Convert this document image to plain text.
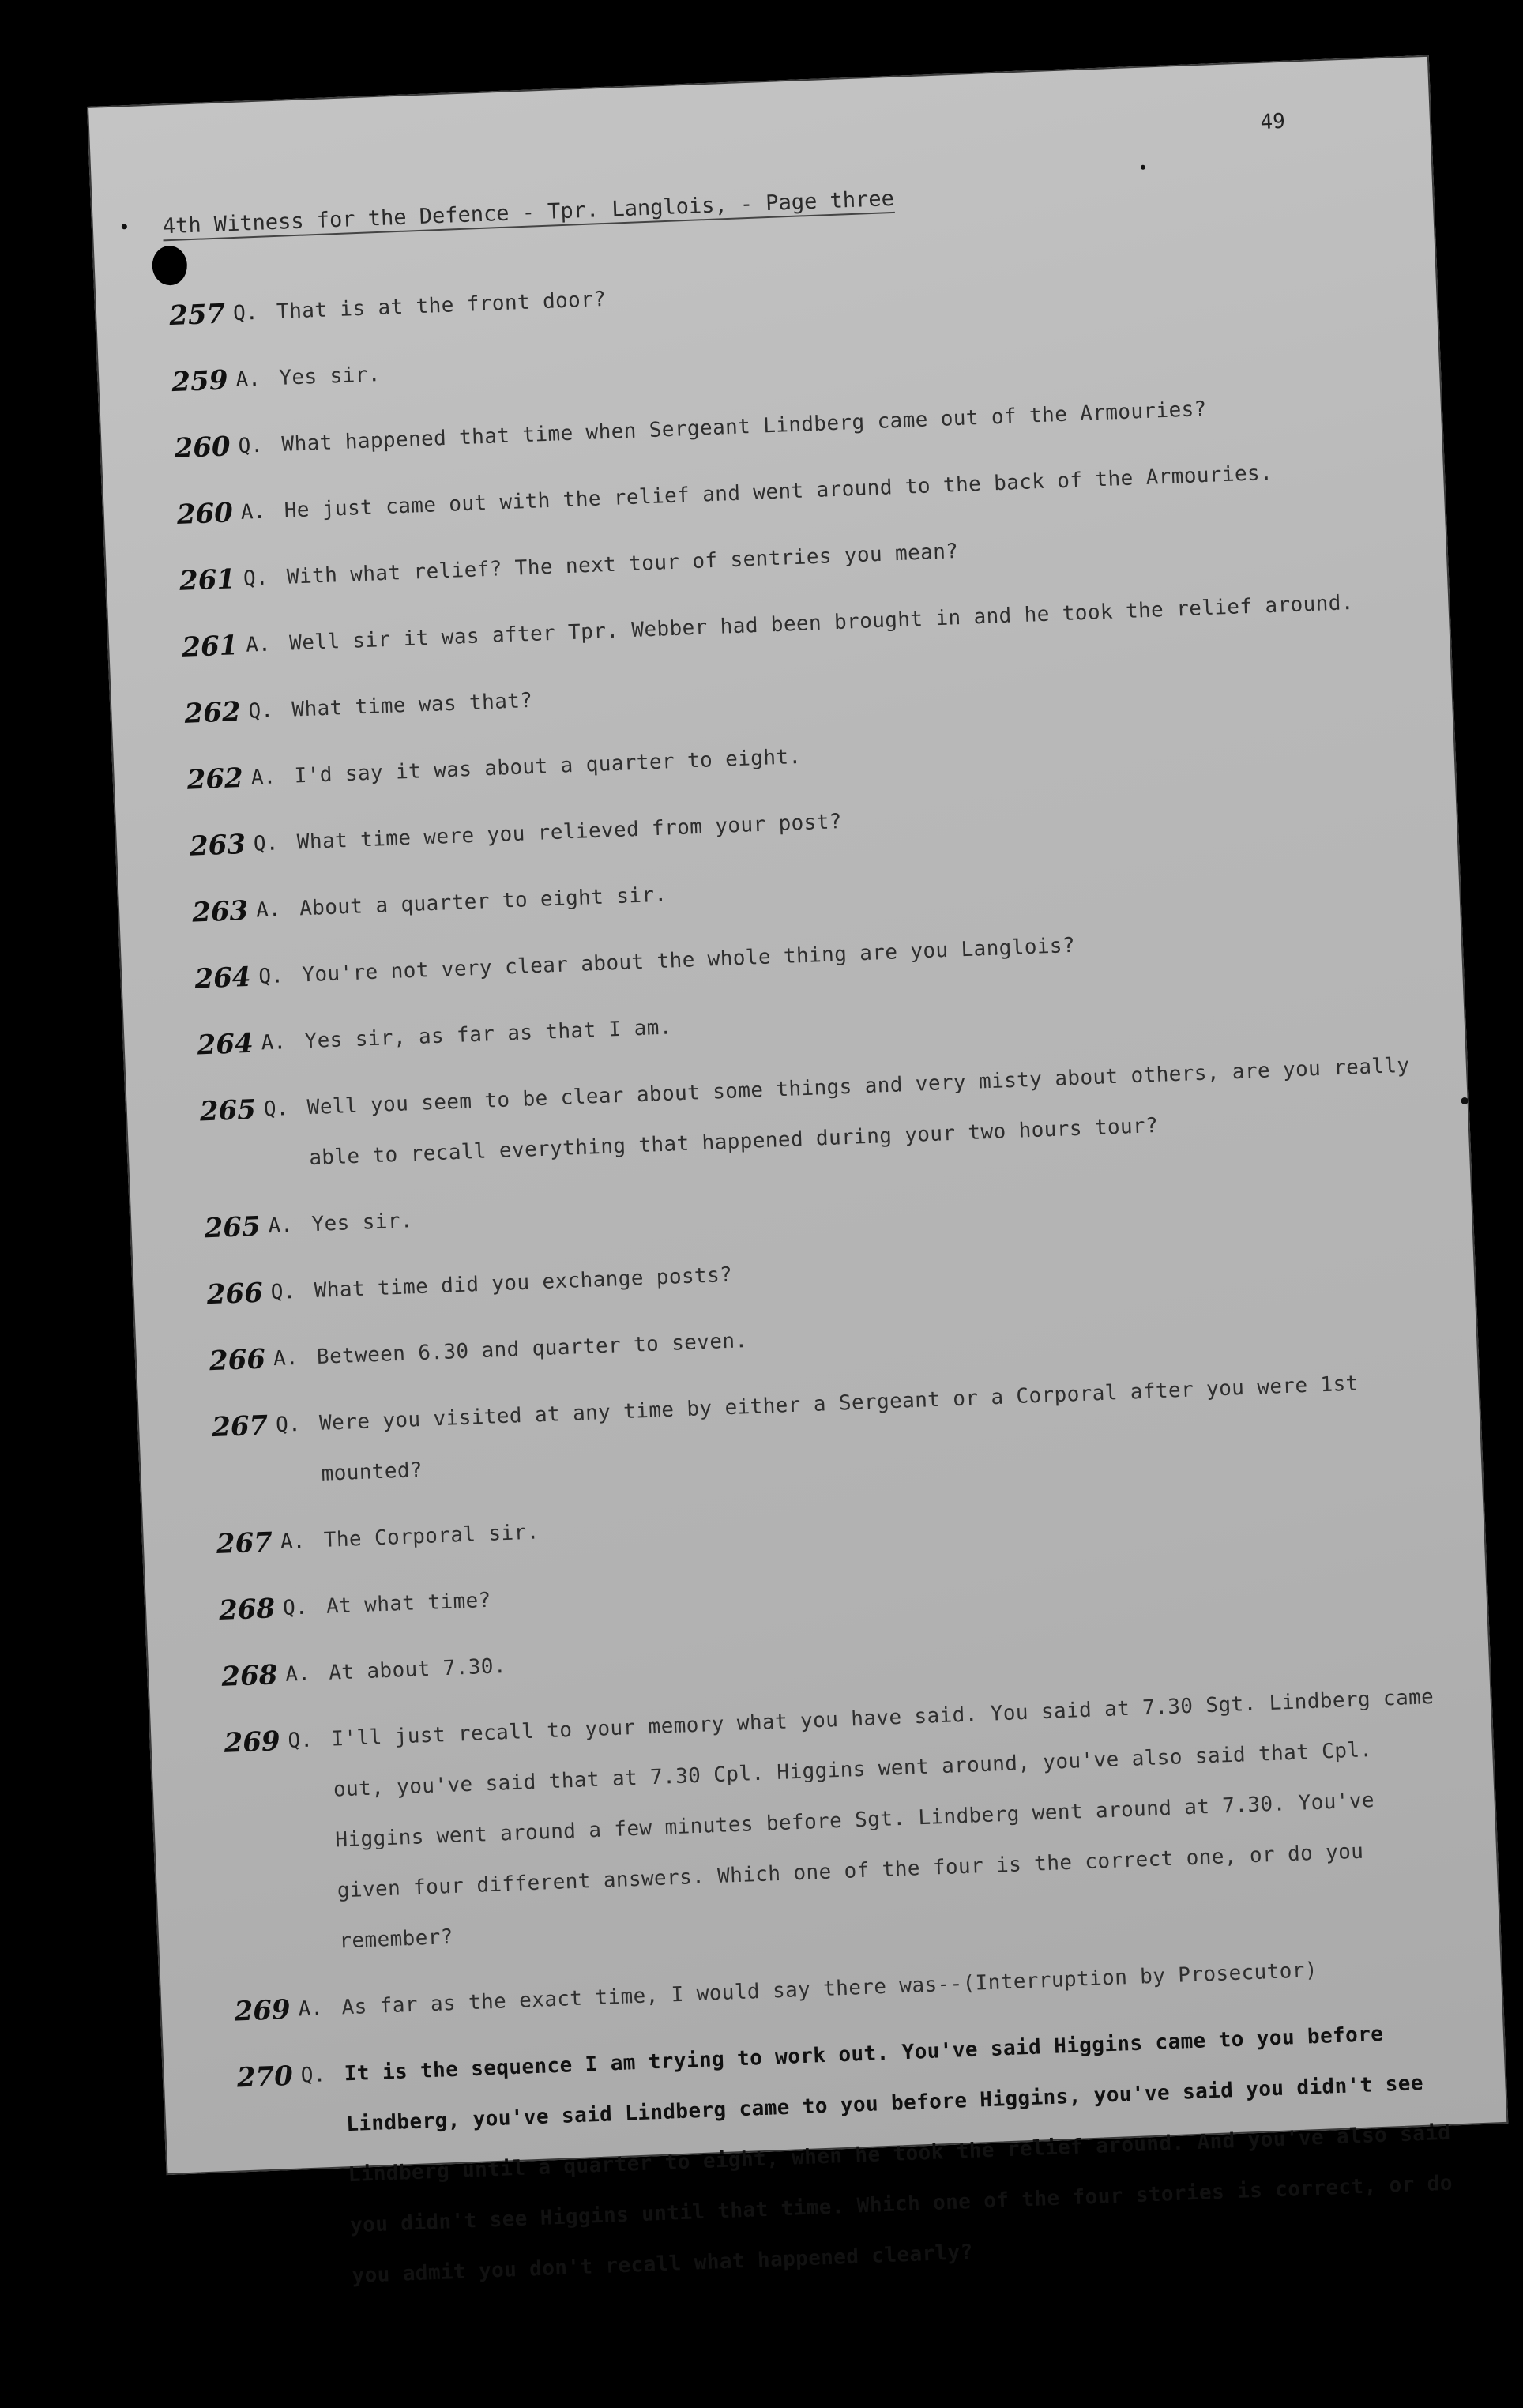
49
4th Witness for the Defence - Tpr. Langlois, - Page three
257 Q. That is at the front door?
259 A. Yes sir.
260 Q. What happened that time when Sergeant Lindberg came out of the Armouries?
260 A. He just came out with the relief and went around to the back of the Armouries.
261 Q. With what relief? The next tour of sentries you mean?
261 A. Well sir it was after Tpr. Webber had been brought in and he took the relief around.
262 Q. What time was that?
262 A. I'd say it was about a quarter to eight.
263 Q. What time were you relieved from your post?
263 A. About a quarter to eight sir.
264 Q. You're not very clear about the whole thing are you Langlois?
264 A. Yes sir, as far as that I am.
265 Q. Well you seem to be clear about some things and very misty about others, are you really able to recall everything that happened during your two hours tour?
265 A. Yes sir.
266 Q. What time did you exchange posts?
266 A. Between 6.30 and quarter to seven.
267 Q. Were you visited at any time by either a Sergeant or a Corporal after you were 1st mounted?
267 A. The Corporal sir.
268 Q. At what time?
268 A. At about 7.30.
269 Q. I'll just recall to your memory what you have said. You said at 7.30 Sgt. Lindberg came out, you've said that at 7.30 Cpl. Higgins went around, you've also said that Cpl. Higgins went around a few minutes before Sgt. Lindberg went around at 7.30. You've given four different answers. Which one of the four is the correct one, or do you remember?
269 A. As far as the exact time, I would say there was--(Interruption by Prosecutor)
270 Q. It is the sequence I am trying to work out. You've said Higgins came to you before Lindberg, you've said Lindberg came to you before Higgins, you've said you didn't see Lindberg until a quarter to eight, when he took the relief around. And you've also said you didn't see Higgins until that time. Which one of the four stories is correct, or do you admit you don't recall what happened clearly?
